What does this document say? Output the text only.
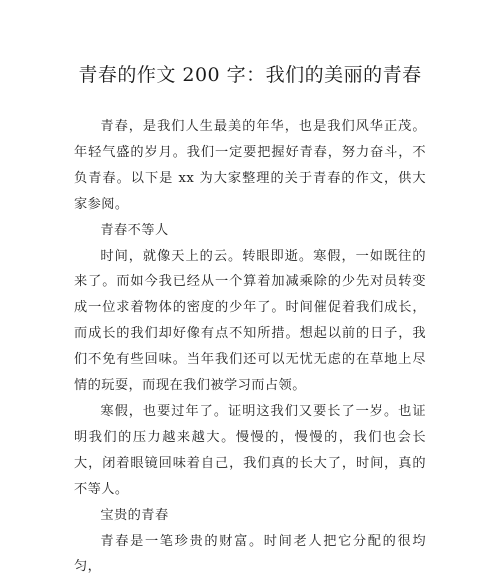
青春的作文 200 字：我们的美丽的青春

青春，是我们人生最美的年华，也是我们风华正茂。年轻气盛的岁月。我们一定要把握好青春，努力奋斗，不负青春。以下是 xx 为大家整理的关于青春的作文，供大家参阅。

青春不等人

时间，就像天上的云。转眼即逝。寒假，一如既往的来了。而如今我已经从一个算着加减乘除的少先对员转变成一位求着物体的密度的少年了。时间催促着我们成长，而成长的我们却好像有点不知所措。想起以前的日子，我们不免有些回味。当年我们还可以无忧无虑的在草地上尽情的玩耍，而现在我们被学习而占领。

寒假，也要过年了。证明这我们又要长了一岁。也证明我们的压力越来越大。慢慢的，慢慢的，我们也会长大，闭着眼镜回味着自己，我们真的长大了，时间，真的不等人。

宝贵的青春

青春是一笔珍贵的财富。时间老人把它分配的很均匀，
